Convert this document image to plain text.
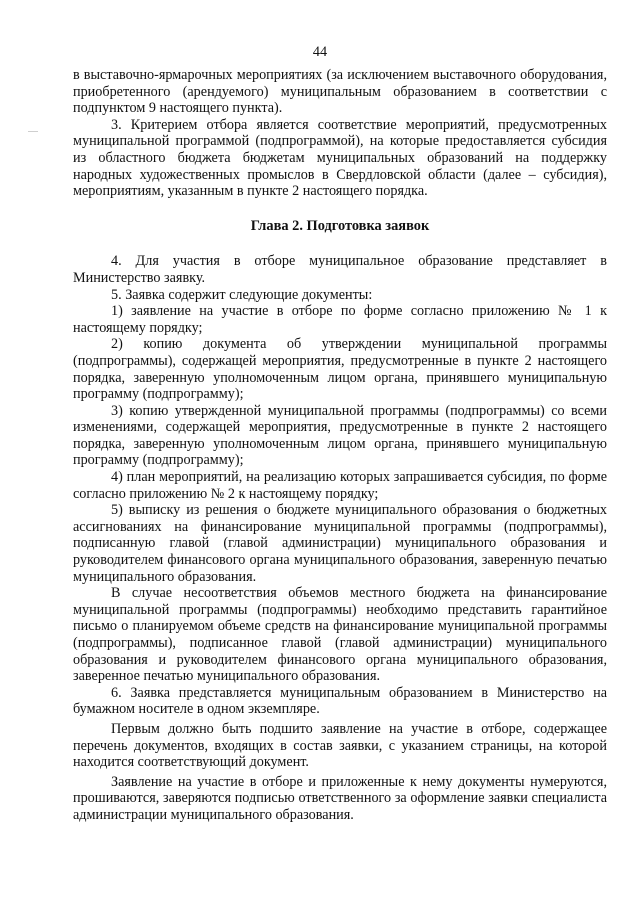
44

в выставочно-ярмарочных мероприятиях (за исключением выставочного оборудования, приобретенного (арендуемого) муниципальным образованием в соответствии с подпунктом 9 настоящего пункта).

3. Критерием отбора является соответствие мероприятий, предусмотренных муниципальной программой (подпрограммой), на которые предоставляется субсидия из областного бюджета бюджетам муниципальных образований на поддержку народных художественных промыслов в Свердловской области (далее – субсидия), мероприятиям, указанным в пункте 2 настоящего порядка.

Глава 2. Подготовка заявок

4. Для участия в отборе муниципальное образование представляет в Министерство заявку.

5. Заявка содержит следующие документы:

1) заявление на участие в отборе по форме согласно приложению № 1 к настоящему порядку;

2) копию документа об утверждении муниципальной программы (подпрограммы), содержащей мероприятия, предусмотренные в пункте 2 настоящего порядка, заверенную уполномоченным лицом органа, принявшего муниципальную программу (подпрограмму);

3) копию утвержденной муниципальной программы (подпрограммы) со всеми изменениями, содержащей мероприятия, предусмотренные в пункте 2 настоящего порядка, заверенную уполномоченным лицом органа, принявшего муниципальную программу (подпрограмму);

4) план мероприятий, на реализацию которых запрашивается субсидия, по форме согласно приложению № 2 к настоящему порядку;

5) выписку из решения о бюджете муниципального образования о бюджетных ассигнованиях на финансирование муниципальной программы (подпрограммы), подписанную главой (главой администрации) муниципального образования и руководителем финансового органа муниципального образования, заверенную печатью муниципального образования.

В случае несоответствия объемов местного бюджета на финансирование муниципальной программы (подпрограммы) необходимо представить гарантийное письмо о планируемом объеме средств на финансирование муниципальной программы (подпрограммы), подписанное главой (главой администрации) муниципального образования и руководителем финансового органа муниципального образования, заверенное печатью муниципального образования.

6. Заявка представляется муниципальным образованием в Министерство на бумажном носителе в одном экземпляре.

Первым должно быть подшито заявление на участие в отборе, содержащее перечень документов, входящих в состав заявки, с указанием страницы, на которой находится соответствующий документ.

Заявление на участие в отборе и приложенные к нему документы нумеруются, прошиваются, заверяются подписью ответственного за оформление заявки специалиста администрации муниципального образования.
